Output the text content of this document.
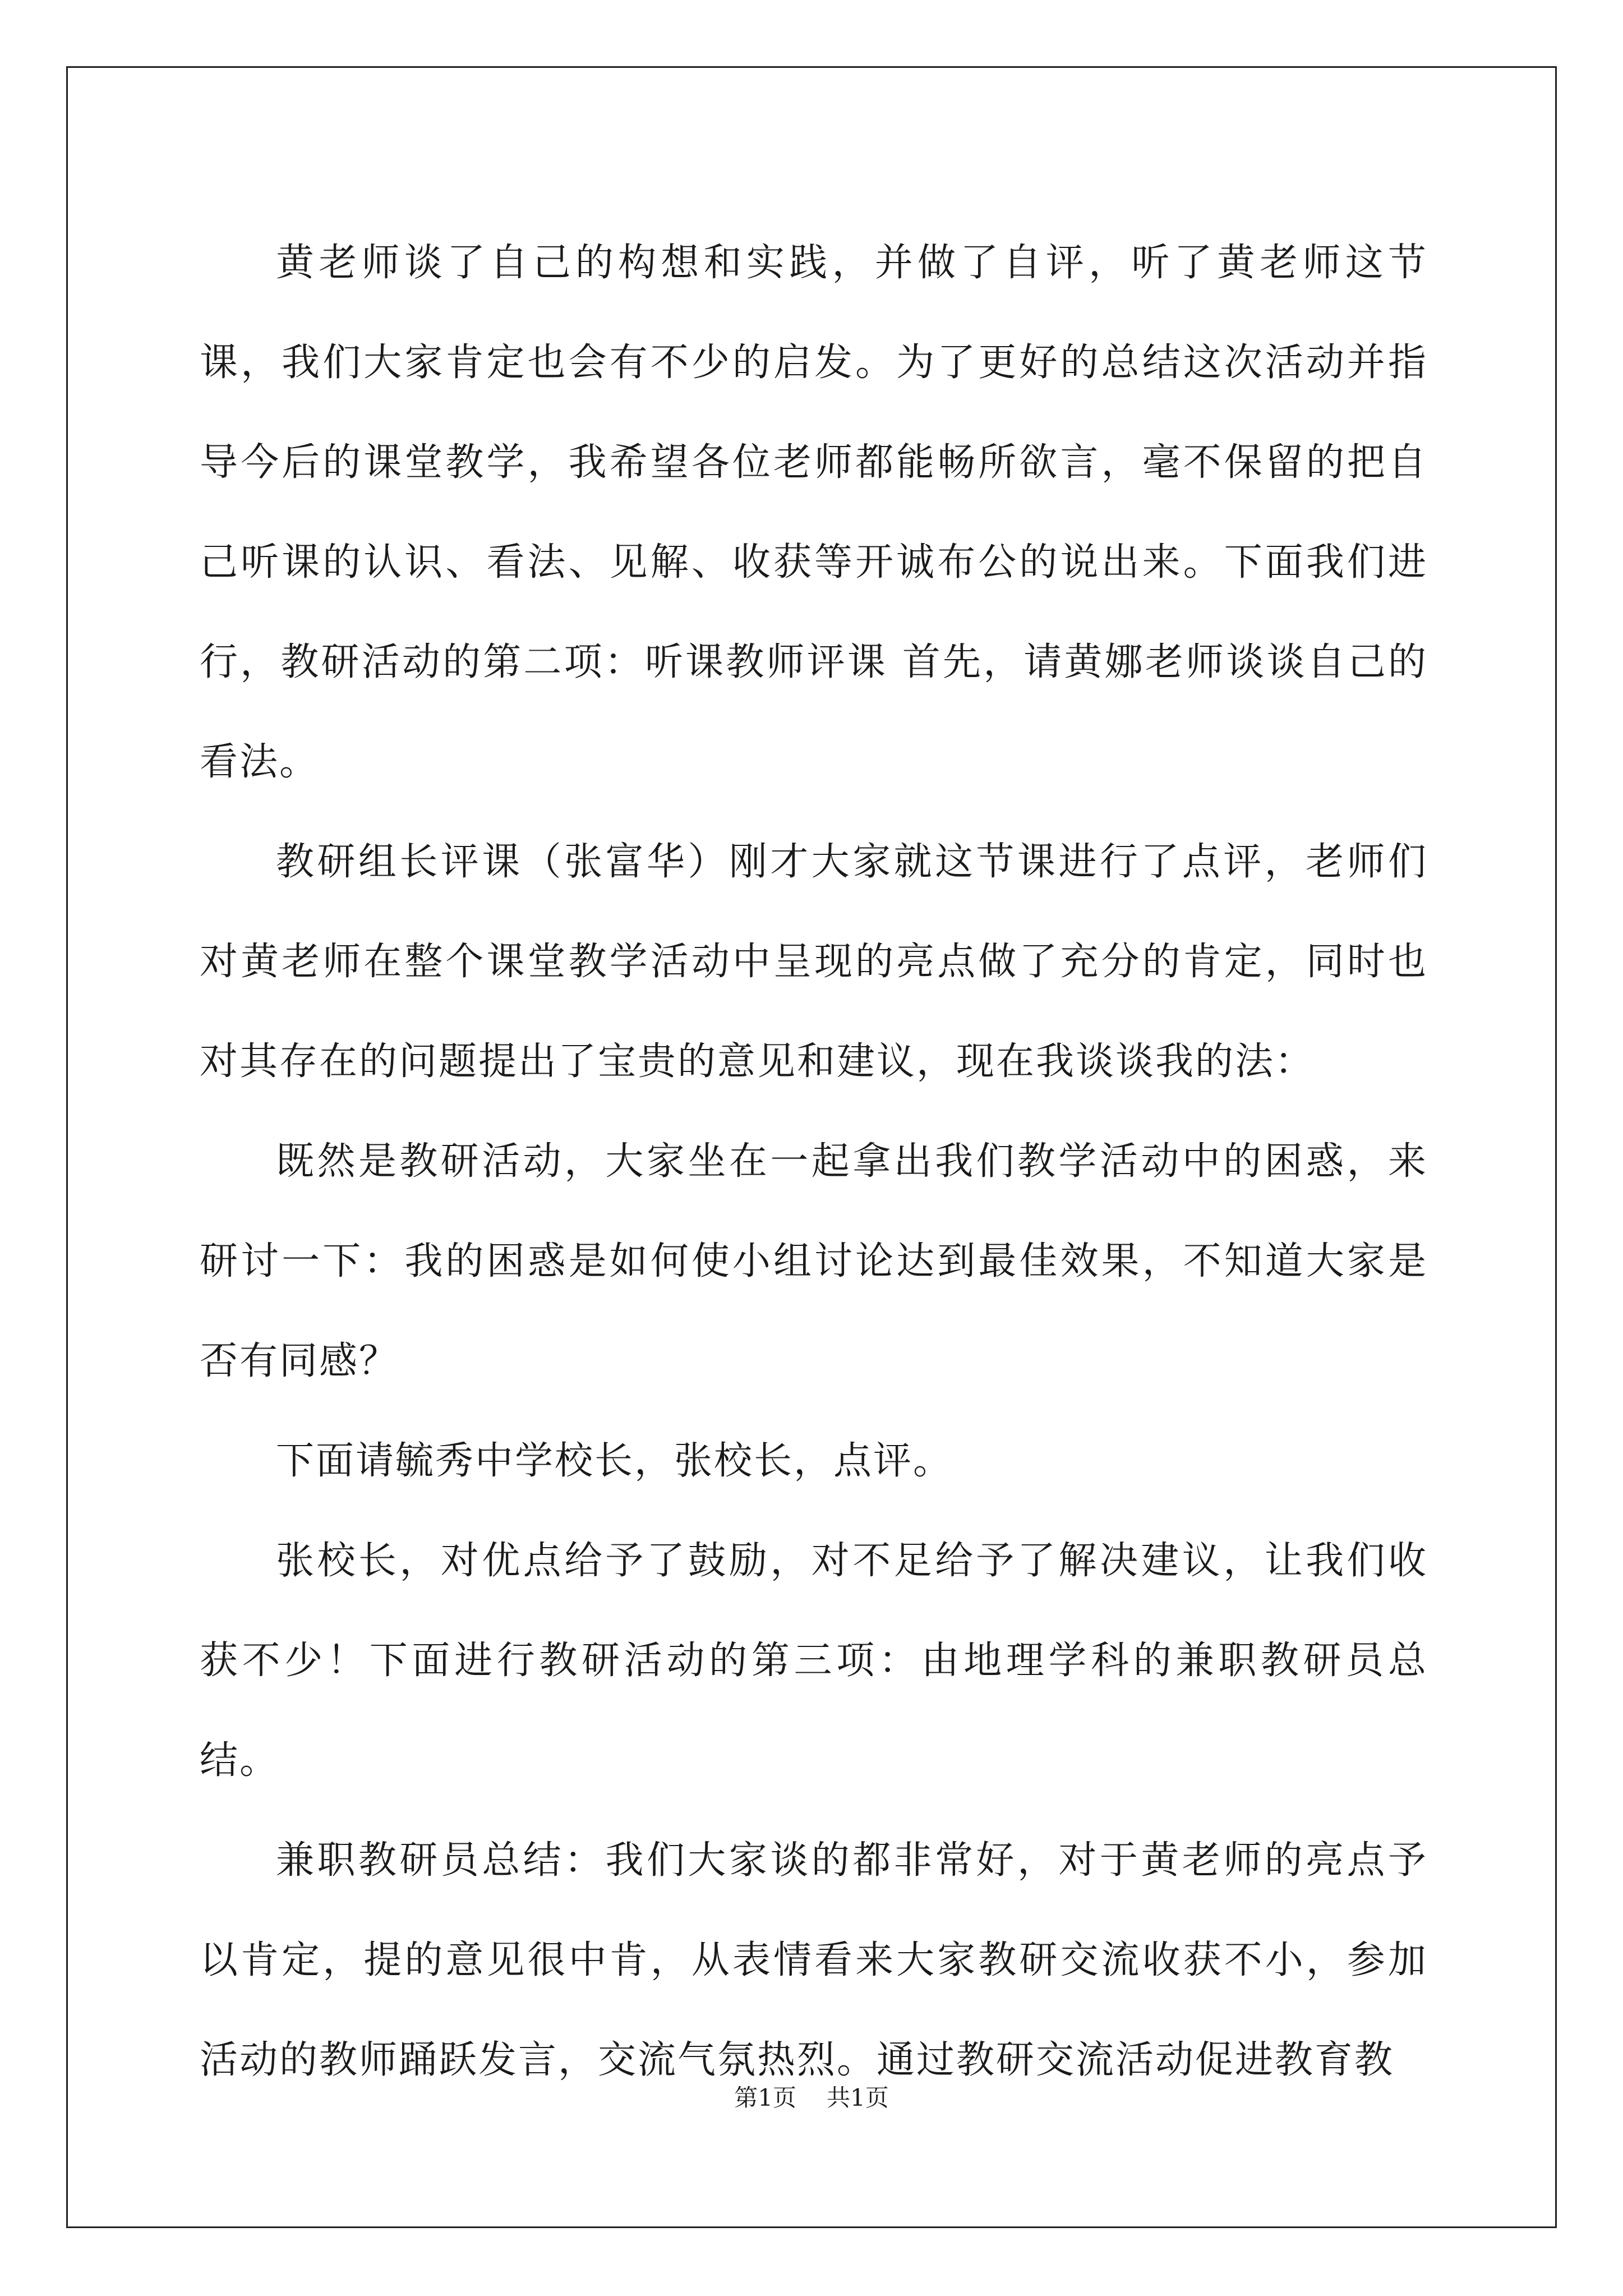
黄老师谈了自己的构想和实践，并做了自评，听了黄老师这节课，我们大家肯定也会有不少的启发。为了更好的总结这次活动并指导今后的课堂教学，我希望各位老师都能畅所欲言，毫不保留的把自己听课的认识、看法、见解、收获等开诚布公的说出来。下面我们进行，教研活动的第二项：听课教师评课 首先，请黄娜老师谈谈自己的看法。

教研组长评课（张富华）刚才大家就这节课进行了点评，老师们对黄老师在整个课堂教学活动中呈现的亮点做了充分的肯定，同时也对其存在的问题提出了宝贵的意见和建议，现在我谈谈我的法：

既然是教研活动，大家坐在一起拿出我们教学活动中的困惑，来研讨一下：我的困惑是如何使小组讨论达到最佳效果，不知道大家是否有同感？

下面请毓秀中学校长，张校长，点评。

张校长，对优点给予了鼓励，对不足给予了解决建议，让我们收获不少！下面进行教研活动的第三项：由地理学科的兼职教研员总结。

兼职教研员总结：我们大家谈的都非常好，对于黄老师的亮点予以肯定，提的意见很中肯，从表情看来大家教研交流收获不小，参加活动的教师踊跃发言，交流气氛热烈。通过教研交流活动促进教育教

第1页 共1页
